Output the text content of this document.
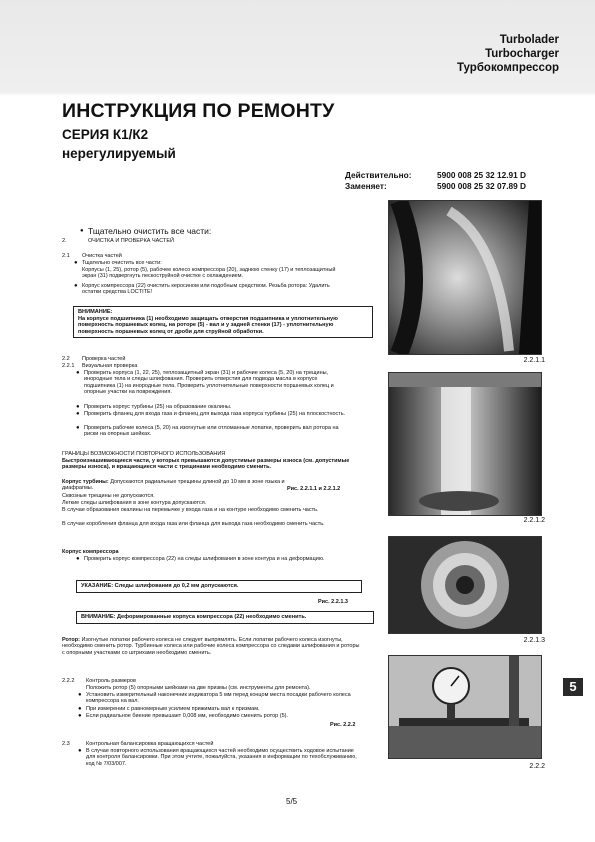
Turbolader
Turbocharger
Турбокомпрессор
ИНСТРУКЦИЯ ПО РЕМОНТУ
СЕРИЯ К1/К2
нерегулируемый
Действительно:	5900 008 25 32 12.91 D
Заменяет:	5900 008 25 32 07.89 D
● Тщательно очистить все части:
2.	ОЧИСТКА И ПРОВЕРКА ЧАСТЕЙ
2.1 Очистка частей
● Тщательно очистить все части:
Корпусы (1, 25), ротор (5), рабочее колесо компрессора (20), заднюю стенку (17) и теплозащитный экран (31) подвергнуть пескоструйной очистке с охлаждением.
● Корпус компрессора (22) очистить керосином или подобным средством. Резьба ротора: Удалить остатки средства LOCTITE!
ВНИМАНИЕ:
На корпусе подшипника (1) необходимо защищать отверстия подшипника и уплотнительную поверхность поршневых колец, на роторе (5) - вал и у задней стенки (17) - уплотнительную поверхность поршневых колец от дроби для струйной обработки.
2.2 Проверка частей
2.2.1 Визуальная проверка
● Проверить корпуса (1, 22, 25), теплозащитный экран (31) и рабочие колеса (5, 20) на трещины, инородные тела и следы шлифования. Проверить отверстия для подвода масла в корпусе подшипника (1) на инородные тела. Проверить уплотнительные поверхности поршневых колец и опорные участки на повреждения.
● Проверить корпус турбины (25) на образование окалины.
● Проверить фланец для входа газа и фланец для выхода газа корпуса турбины (25) на плоскостность.
● Проверить рабочие колеса (5, 20) на изогнутые или отломанные лопатки, проверить вал ротора на риски на опорных шейках.
ГРАНИЦЫ ВОЗМОЖНОСТИ ПОВТОРНОГО ИСПОЛЬЗОВАНИЯ
Быстроизнашивающиеся части, у которых превышаются допустимые размеры износа (см. допустимые размеры износа), и вращающиеся части с трещинами необходимо сменить.
Корпус турбины: Допускаются радиальные трещины длиной до 10 мм в зоне языка и диафрагмы.	Рис. 2.2.1.1 и 2.2.1.2
Сквозные трещины не допускаются.
Легкие следы шлифования в зоне контура допускаются.
В случае образования окалины на перемычке у входа газа и на контуре необходимо сменить часть.
В случае коробления фланца для входа газа или фланца для выхода газа необходимо сменить часть.
Корпус компрессора
● Проверить корпус компрессора (22) на следы шлифования в зоне контура и на деформацию.
УКАЗАНИЕ: Следы шлифования до 0,2 мм допускаются.
Рис. 2.2.1.3
ВНИМАНИЕ: Деформированные корпуса компрессора (22) необходимо сменить.
Ротор: Изогнутые лопатки рабочего колеса не следует выпрямлять. Если лопатки рабочего колеса изогнуты, необходимо сменить ротор. Турбинные колеса или рабочие колеса компрессора со следами шлифования и роторы с опорными участками со штрихами необходимо сменить.
2.2.2 Контроль размеров
Положить ротор (5) опорными шейками на две призмы (см. инструменты для ремонта).
● Установить измерительный наконечник индикатора 5 мм перед концом места посадки рабочего колеса компрессора на вал.
● При измерении с равномерным усилием прижимать вал к призмам.
● Если радиальное биение превышает 0,008 мм, необходимо сменить ротор (5).
Рис. 2.2.2
2.3	Контрольная балансировка вращающихся частей
● В случае повторного использования вращающихся частей необходимо осуществить ходовое испытание для контроля балансировки. При этом учтите, пожалуйста, указания в информации по техобслуживанию, код № 7/03/007.
2.2.1.1
2.2.1.2
2.2.1.3
2.2.2
5
5/5
